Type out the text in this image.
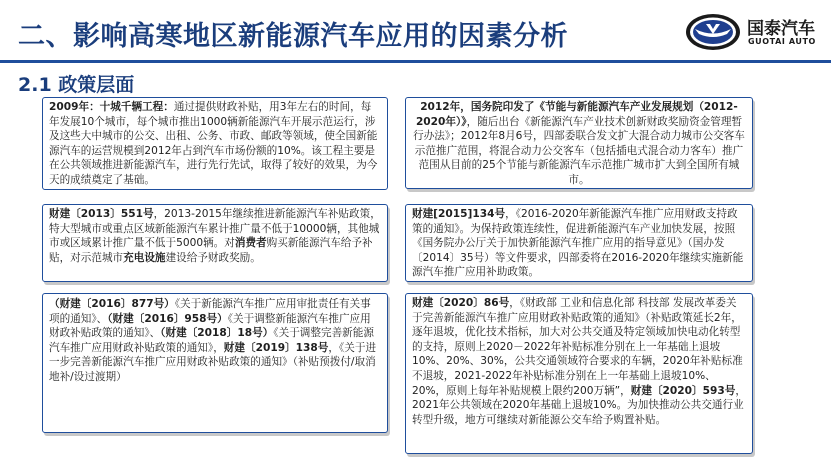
二、影响高寒地区新能源汽车应用的因素分析	国泰汽车
GUOTAI AUTO
2.1 政策层面
2009年：十城千辆工程：通过提供财政补贴，用3年左右的时间，每年发展10个城市，每个城市推出1000辆新能源汽车开展示范运行，涉及这些大中城市的公交、出租、公务、市政、邮政等领域，使全国新能源汽车的运营规模到2012年占到汽车市场份额的10%。该工程主要是在公共领域推进新能源汽车，进行先行先试，取得了较好的效果，为今天的成绩奠定了基础。
2012年，国务院印发了《节能与新能源汽车产业发展规划（2012-2020年）》，随后出台《新能源汽车产业技术创新财政奖励资金管理暂行办法》；2012年8月6号，四部委联合发文扩大混合动力城市公交客车示范推广范围，将混合动力公交客车（包括插电式混合动力客车）推广范围从目前的25个节能与新能源汽车示范推广城市扩大到全国所有城市。
财建〔2013〕551号，2013-2015年继续推进新能源汽车补贴政策，特大型城市或重点区域新能源汽车累计推广量不低于10000辆，其他城市或区域累计推广量不低于5000辆。对消费者购买新能源汽车给予补贴，对示范城市充电设施建设给予财政奖励。
财建[2015]134号，《2016-2020年新能源汽车推广应用财政支持政策的通知》。为保持政策连续性，促进新能源汽车产业加快发展，按照《国务院办公厅关于加快新能源汽车推广应用的指导意见》（国办发〔2014〕35号）等文件要求，四部委将在2016-2020年继续实施新能源汽车推广应用补助政策。
（财建〔2016〕877号）《关于新能源汽车推广应用审批责任有关事项的通知》、（财建〔2016〕958号）《关于调整新能源汽车推广应用财政补贴政策的通知》、（财建〔2018〕18号）《关于调整完善新能源汽车推广应用财政补贴政策的通知》，财建〔2019〕138号，《关于进一步完善新能源汽车推广应用财政补贴政策的通知》（补贴预拨付/取消地补/设过渡期）
财建〔2020〕86号，《财政部 工业和信息化部 科技部 发展改革委关于完善新能源汽车推广应用财政补贴政策的通知》（补贴政策延长2年，逐年退坡，优化技术指标，加大对公共交通及特定领域加快电动化转型的支持，原则上2020－2022年补贴标准分别在上一年基础上退坡10%、20%、30%，公共交通领域符合要求的车辆，2020年补贴标准不退坡，2021-2022年补贴标准分别在上一年基础上退坡10%、20%，原则上每年补贴规模上限约200万辆”，财建〔2020〕593号，2021年公共领域在2020年基础上退坡10%。为加快推动公共交通行业转型升级，地方可继续对新能源公交车给予购置补贴。
